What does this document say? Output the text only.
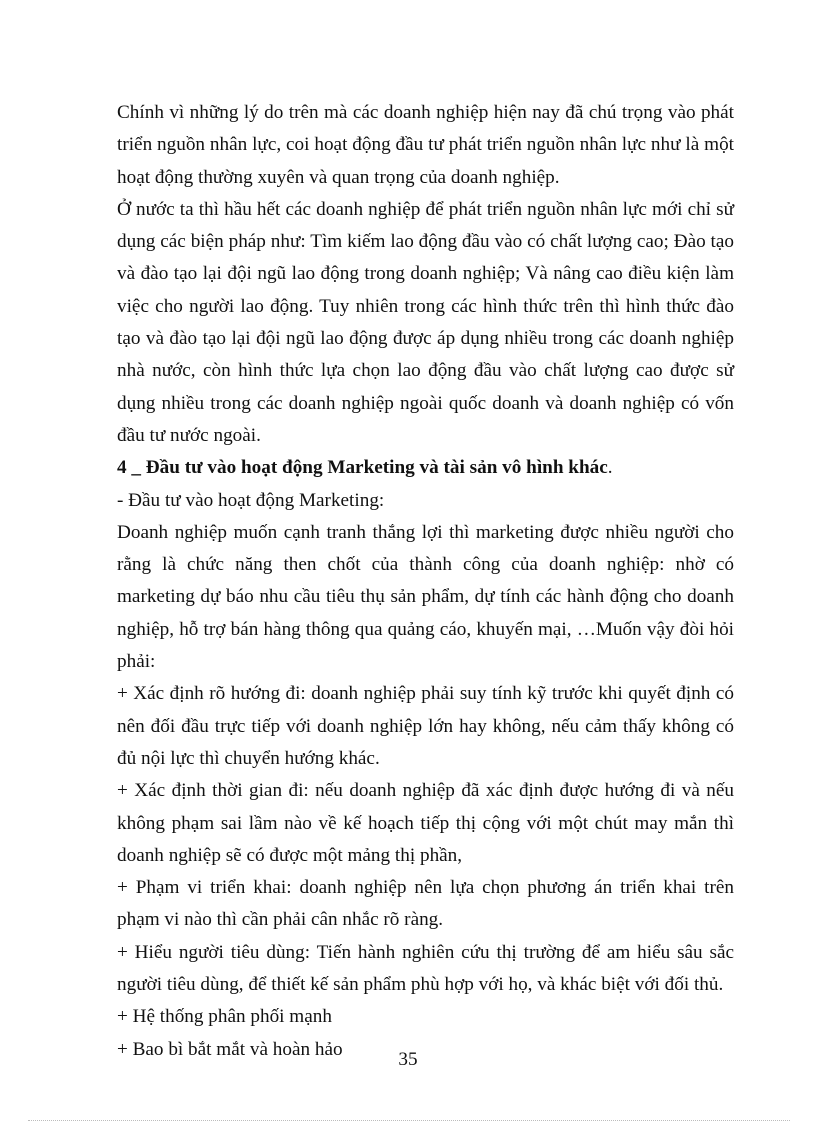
Chính vì những lý do trên mà các doanh nghiệp hiện nay đã chú trọng vào phát triển nguồn nhân lực, coi hoạt động đầu tư phát triển nguồn nhân lực như là một hoạt động thường xuyên và quan trọng của doanh nghiệp.

Ở nước ta thì hầu hết các doanh nghiệp để phát triển nguồn nhân lực mới chỉ sử dụng các biện pháp như: Tìm kiếm lao động đầu vào có chất lượng cao; Đào tạo và đào tạo lại đội ngũ lao động trong doanh nghiệp; Và nâng cao điều kiện làm việc cho người lao động. Tuy nhiên trong các hình thức trên thì hình thức đào tạo và đào tạo lại đội ngũ lao động được áp dụng nhiều trong các doanh nghiệp nhà nước, còn hình thức lựa chọn lao động đầu vào chất lượng cao được sử dụng nhiều trong các doanh nghiệp ngoài quốc doanh và doanh nghiệp có vốn đầu tư nước ngoài.

4 _ Đầu tư vào hoạt động Marketing và tài sản vô hình khác.

- Đầu tư vào hoạt động Marketing:

Doanh nghiệp muốn cạnh tranh thắng lợi thì marketing được nhiều người cho rằng là chức năng then chốt của thành công của doanh nghiệp: nhờ có marketing dự báo nhu cầu tiêu thụ sản phẩm, dự tính các hành động cho doanh nghiệp, hỗ trợ bán hàng thông qua quảng cáo, khuyến mại, …Muốn vậy đòi hỏi phải:

+ Xác định rõ hướng đi: doanh nghiệp phải suy tính kỹ trước khi quyết định có nên đối đầu trực tiếp với doanh nghiệp lớn hay không, nếu cảm thấy không có đủ nội lực thì chuyển hướng khác.

+ Xác định thời gian đi: nếu doanh nghiệp đã xác định được hướng đi và nếu không phạm sai lầm nào về kế hoạch tiếp thị cộng với một chút may mắn thì doanh nghiệp sẽ có được một mảng thị phần,

+ Phạm vi triển khai: doanh nghiệp nên lựa chọn phương án triển khai trên phạm vi nào thì cần phải cân nhắc rõ ràng.

+ Hiểu người tiêu dùng: Tiến hành nghiên cứu thị trường để am hiểu sâu sắc người tiêu dùng, để thiết kế sản phẩm phù hợp với họ, và khác biệt với đối thủ.

+ Hệ thống phân phối mạnh

+ Bao bì bắt mắt và hoàn hảo	35
